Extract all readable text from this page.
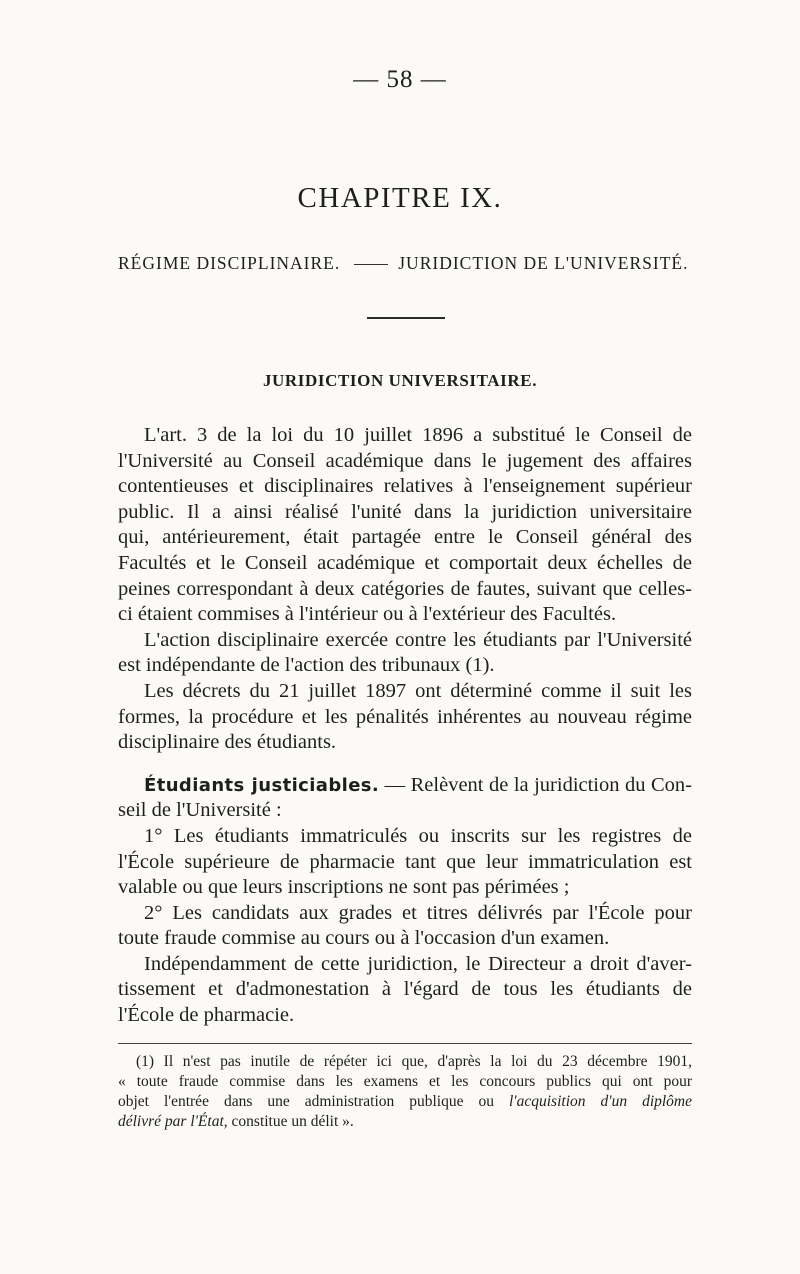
— 58 —
CHAPITRE IX.
RÉGIME DISCIPLINAIRE.	JURIDICTION DE L'UNIVERSITÉ.
JURIDICTION UNIVERSITAIRE.
L'art. 3 de la loi du 10 juillet 1896 a substitué le Conseil de
l'Université au Conseil académique dans le jugement des affaires
contentieuses et disciplinaires relatives à l'enseignement supérieur
public. Il a ainsi réalisé l'unité dans la juridiction universitaire
qui, antérieurement, était partagée entre le Conseil général des
Facultés et le Conseil académique et comportait deux échelles de
peines correspondant à deux catégories de fautes, suivant que celles-
ci étaient commises à l'intérieur ou à l'extérieur des Facultés.
L'action disciplinaire exercée contre les étudiants par l'Université
est indépendante de l'action des tribunaux (1).
Les décrets du 21 juillet 1897 ont déterminé comme il suit les
formes, la procédure et les pénalités inhérentes au nouveau régime
disciplinaire des étudiants.
Étudiants justiciables. — Relèvent de la juridiction du Con-
seil de l'Université :
1° Les étudiants immatriculés ou inscrits sur les registres de
l'École supérieure de pharmacie tant que leur immatriculation est
valable ou que leurs inscriptions ne sont pas périmées ;
2° Les candidats aux grades et titres délivrés par l'École pour
toute fraude commise au cours ou à l'occasion d'un examen.
Indépendamment de cette juridiction, le Directeur a droit d'aver-
tissement et d'admonestation à l'égard de tous les étudiants de
l'École de pharmacie.
(1) Il n'est pas inutile de répéter ici que, d'après la loi du 23 décembre 1901,
« toute fraude commise dans les examens et les concours publics qui ont pour
objet l'entrée dans une administration publique ou l'acquisition d'un diplôme
délivré par l'État, constitue un délit ».
